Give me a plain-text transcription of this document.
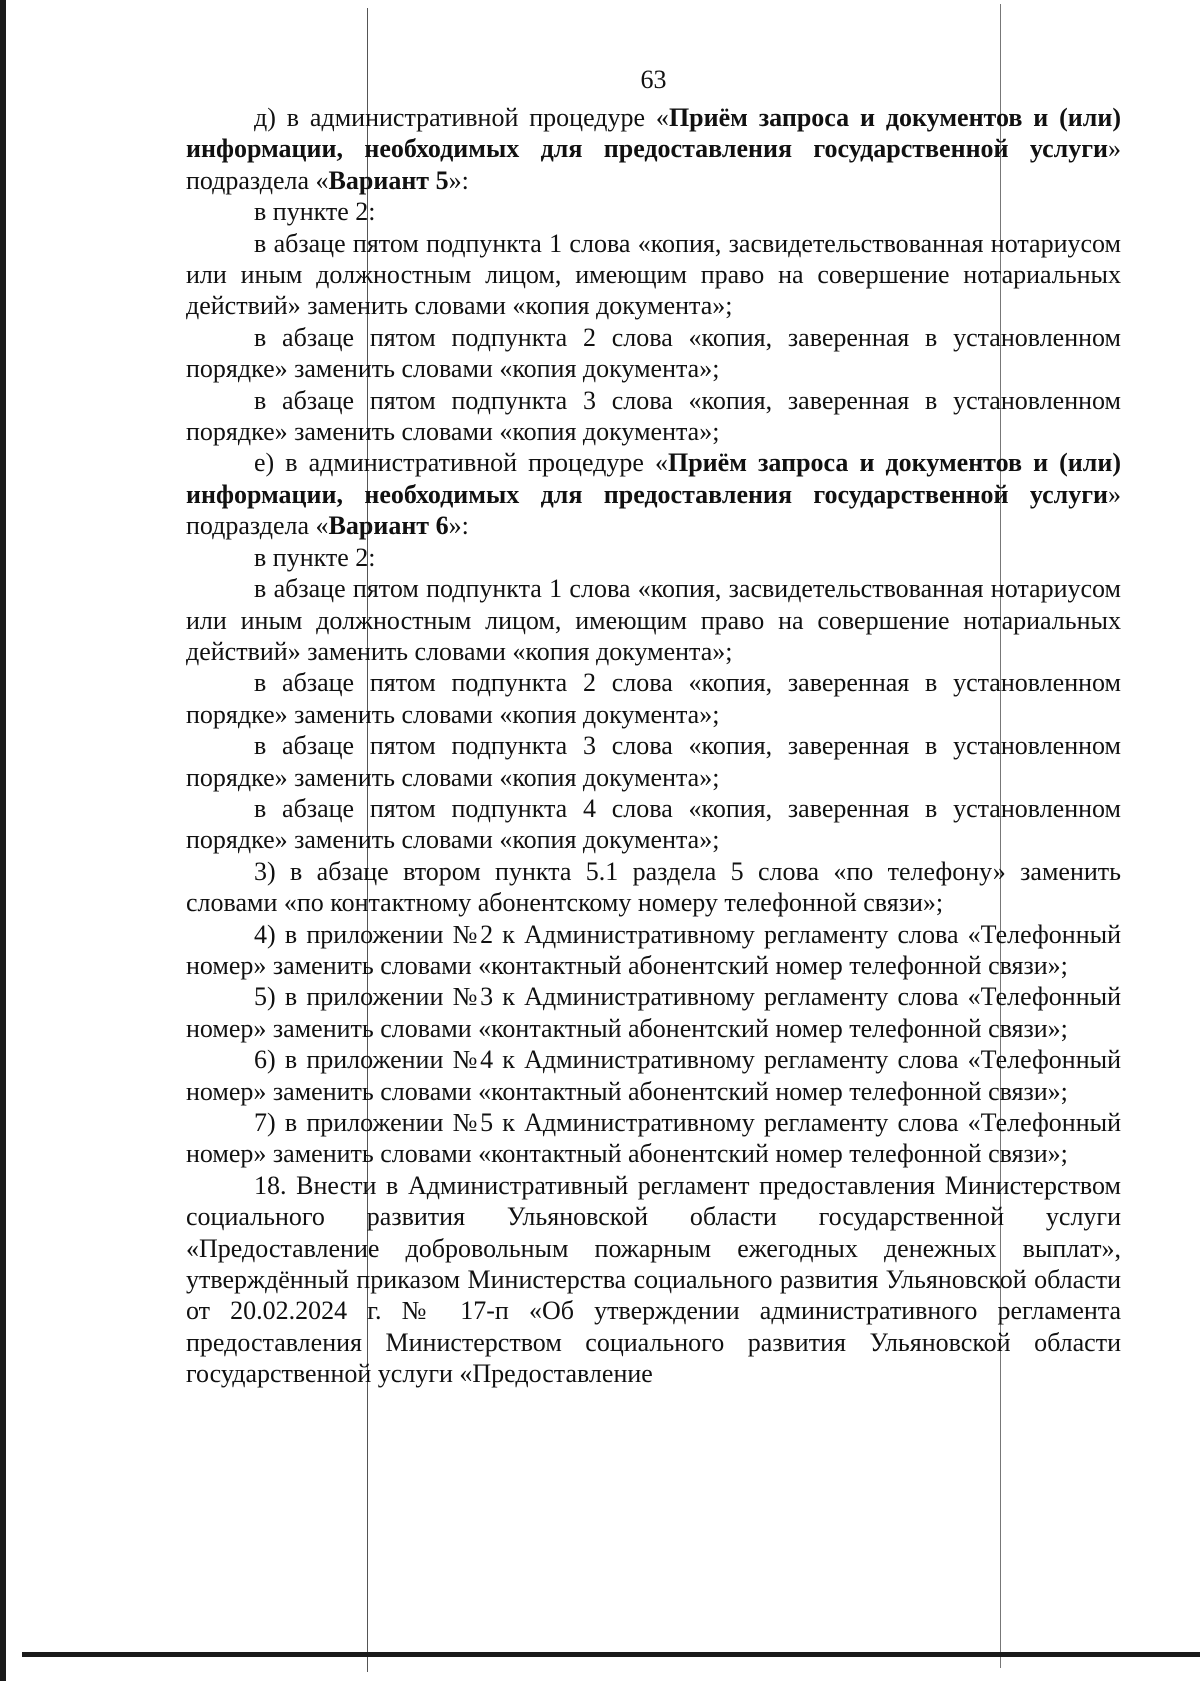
63

д) в административной процедуре «Приём запроса и документов и (или) информации, необходимых для предоставления государственной услуги» подраздела «Вариант 5»:

в пункте 2:

в абзаце пятом подпункта 1 слова «копия, засвидетельствованная нотариусом или иным должностным лицом, имеющим право на совершение нотариальных действий» заменить словами «копия документа»;

в абзаце пятом подпункта 2 слова «копия, заверенная в установленном порядке» заменить словами «копия документа»;

в абзаце пятом подпункта 3 слова «копия, заверенная в установленном порядке» заменить словами «копия документа»;

е) в административной процедуре «Приём запроса и документов и (или) информации, необходимых для предоставления государственной услуги» подраздела «Вариант 6»:

в пункте 2:

в абзаце пятом подпункта 1 слова «копия, засвидетельствованная нотариусом или иным должностным лицом, имеющим право на совершение нотариальных действий» заменить словами «копия документа»;

в абзаце пятом подпункта 2 слова «копия, заверенная в установленном порядке» заменить словами «копия документа»;

в абзаце пятом подпункта 3 слова «копия, заверенная в установленном порядке» заменить словами «копия документа»;

в абзаце пятом подпункта 4 слова «копия, заверенная в установленном порядке» заменить словами «копия документа»;

3) в абзаце втором пункта 5.1 раздела 5 слова «по телефону» заменить словами «по контактному абонентскому номеру телефонной связи»;

4) в приложении №2 к Административному регламенту слова «Телефонный номер» заменить словами «контактный абонентский номер телефонной связи»;

5) в приложении №3 к Административному регламенту слова «Телефонный номер» заменить словами «контактный абонентский номер телефонной связи»;

6) в приложении №4 к Административному регламенту слова «Телефонный номер» заменить словами «контактный абонентский номер телефонной связи»;

7) в приложении №5 к Административному регламенту слова «Телефонный номер» заменить словами «контактный абонентский номер телефонной связи»;

18. Внести в Административный регламент предоставления Министерством социального развития Ульяновской области государственной услуги «Предоставление добровольным пожарным ежегодных денежных выплат», утверждённый приказом Министерства социального развития Ульяновской области от 20.02.2024 г. № 17-п «Об утверждении административного регламента предоставления Министерством социального развития Ульяновской области государственной услуги «Предоставление
